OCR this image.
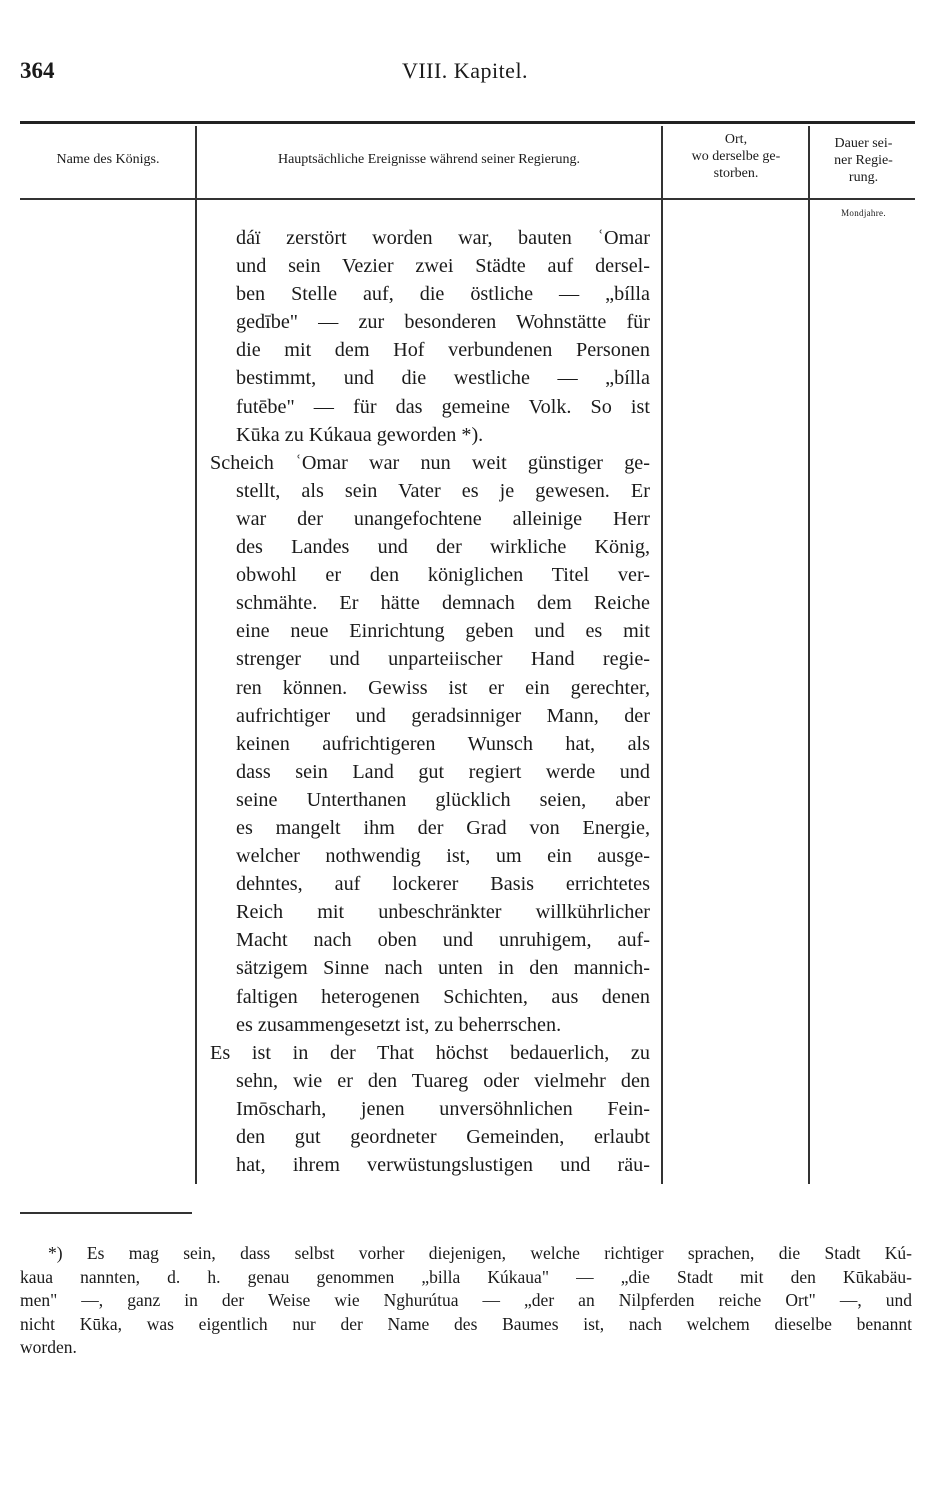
364	VIII. Kapitel.
Name des Königs.	Hauptsächliche Ereignisse während seiner Regierung.
Ort,
wo derselbe ge-
storben.
Dauer sei-
ner Regie-
rung.
Mondjahre.
dáï zerstört worden war, bauten ʿOmar
und sein Vezier zwei Städte auf dersel-
ben Stelle auf, die östliche — „bílla
gedībe" — zur besonderen Wohnstätte für
die mit dem Hof verbundenen Personen
bestimmt, und die westliche — „bílla
futēbe" — für das gemeine Volk. So ist
Kūka zu Kúkaua geworden *).
Scheich ʿOmar war nun weit günstiger ge-
stellt, als sein Vater es je gewesen. Er
war der unangefochtene alleinige Herr
des Landes und der wirkliche König,
obwohl er den königlichen Titel ver-
schmähte. Er hätte demnach dem Reiche
eine neue Einrichtung geben und es mit
strenger und unparteiischer Hand regie-
ren können. Gewiss ist er ein gerechter,
aufrichtiger und geradsinniger Mann, der
keinen aufrichtigeren Wunsch hat, als
dass sein Land gut regiert werde und
seine Unterthanen glücklich seien, aber
es mangelt ihm der Grad von Energie,
welcher nothwendig ist, um ein ausge-
dehntes, auf lockerer Basis errichtetes
Reich mit unbeschränkter willkührlicher
Macht nach oben und unruhigem, auf-
sätzigem Sinne nach unten in den mannich-
faltigen heterogenen Schichten, aus denen
es zusammengesetzt ist, zu beherrschen.
Es ist in der That höchst bedauerlich, zu
sehn, wie er den Tuareg oder vielmehr den
Imōscharh, jenen unversöhnlichen Fein-
den gut geordneter Gemeinden, erlaubt
hat, ihrem verwüstungslustigen und räu-
*) Es mag sein, dass selbst vorher diejenigen, welche richtiger sprachen, die Stadt Kú-
kaua nannten, d. h. genau genommen „billa Kúkaua" — „die Stadt mit den Kūkabäu-
men" —, ganz in der Weise wie Nghurútua — „der an Nilpferden reiche Ort" —, und
nicht Kūka, was eigentlich nur der Name des Baumes ist, nach welchem dieselbe benannt
worden.
